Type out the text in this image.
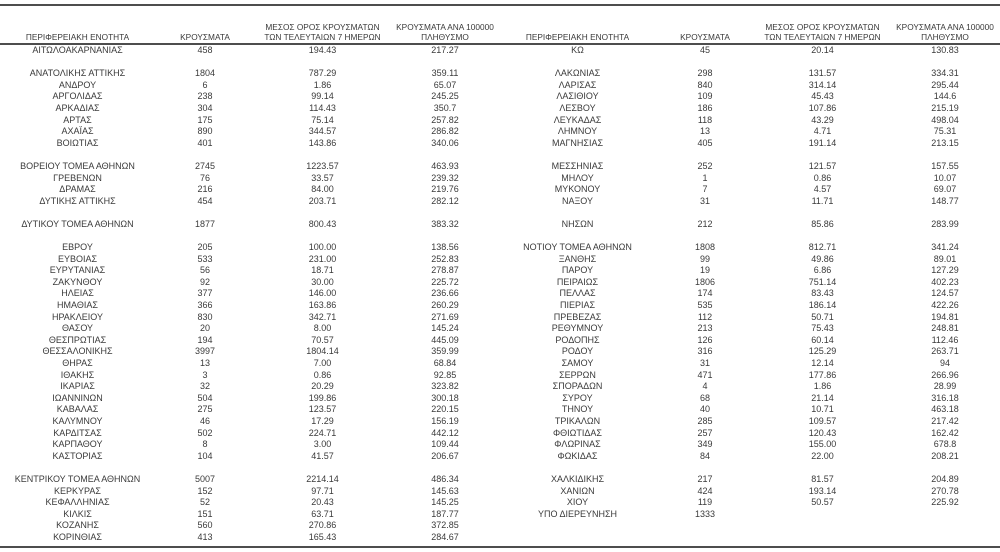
ΠΕΡΙΦΕΡΕΙΑΚΗ ΕΝΟΤΗΤΑ	ΚΡΟΥΣΜΑΤΑ
ΜΕΣΟΣ ΟΡΟΣ ΚΡΟΥΣΜΑΤΩΝ
ΤΩΝ ΤΕΛΕΥΤΑΙΩΝ 7 ΗΜΕΡΩΝ
ΚΡΟΥΣΜΑΤΑ ΑΝΑ 100000
ΠΛΗΘΥΣΜΟ
ΑΙΤΩΛΟΑΚΑΡΝΑΝΙΑΣ	458	194.43	217.27
ΑΝΑΤΟΛΙΚΗΣ ΑΤΤΙΚΗΣ	1804	787.29	359.11
ΑΝΔΡΟΥ	6	1.86	65.07
ΑΡΓΟΛΙΔΑΣ	238	99.14	245.25
ΑΡΚΑΔΙΑΣ	304	114.43	350.7
ΑΡΤΑΣ	175	75.14	257.82
ΑΧΑΪΑΣ	890	344.57	286.82
ΒΟΙΩΤΙΑΣ	401	143.86	340.06
ΒΟΡΕΙΟΥ ΤΟΜΕΑ ΑΘΗΝΩΝ	2745	1223.57	463.93
ΓΡΕΒΕΝΩΝ	76	33.57	239.32
ΔΡΑΜΑΣ	216	84.00	219.76
ΔΥΤΙΚΗΣ ΑΤΤΙΚΗΣ	454	203.71	282.12
ΔΥΤΙΚΟΥ ΤΟΜΕΑ ΑΘΗΝΩΝ	1877	800.43	383.32
ΕΒΡΟΥ	205	100.00	138.56
ΕΥΒΟΙΑΣ	533	231.00	252.83
ΕΥΡΥΤΑΝΙΑΣ	56	18.71	278.87
ΖΑΚΥΝΘΟΥ	92	30.00	225.72
ΗΛΕΙΑΣ	377	146.00	236.66
ΗΜΑΘΙΑΣ	366	163.86	260.29
ΗΡΑΚΛΕΙΟΥ	830	342.71	271.69
ΘΑΣΟΥ	20	8.00	145.24
ΘΕΣΠΡΩΤΙΑΣ	194	70.57	445.09
ΘΕΣΣΑΛΟΝΙΚΗΣ	3997	1804.14	359.99
ΘΗΡΑΣ	13	7.00	68.84
ΙΘΑΚΗΣ	3	0.86	92.85
ΙΚΑΡΙΑΣ	32	20.29	323.82
ΙΩΑΝΝΙΝΩΝ	504	199.86	300.18
ΚΑΒΑΛΑΣ	275	123.57	220.15
ΚΑΛΥΜΝΟΥ	46	17.29	156.19
ΚΑΡΔΙΤΣΑΣ	502	224.71	442.12
ΚΑΡΠΑΘΟΥ	8	3.00	109.44
ΚΑΣΤΟΡΙΑΣ	104	41.57	206.67
ΚΕΝΤΡΙΚΟΥ ΤΟΜΕΑ ΑΘΗΝΩΝ	5007	2214.14	486.34
ΚΕΡΚΥΡΑΣ	152	97.71	145.63
ΚΕΦΑΛΛΗΝΙΑΣ	52	20.43	145.25
ΚΙΛΚΙΣ	151	63.71	187.77
ΚΟΖΑΝΗΣ	560	270.86	372.85
ΚΟΡΙΝΘΙΑΣ	413	165.43	284.67
ΠΕΡΙΦΕΡΕΙΑΚΗ ΕΝΟΤΗΤΑ	ΚΡΟΥΣΜΑΤΑ
ΜΕΣΟΣ ΟΡΟΣ ΚΡΟΥΣΜΑΤΩΝ
ΤΩΝ ΤΕΛΕΥΤΑΙΩΝ 7 ΗΜΕΡΩΝ
ΚΡΟΥΣΜΑΤΑ ΑΝΑ 100000
ΠΛΗΘΥΣΜΟ
ΚΩ	45	20.14	130.83
ΛΑΚΩΝΙΑΣ	298	131.57	334.31
ΛΑΡΙΣΑΣ	840	314.14	295.44
ΛΑΣΙΘΙΟΥ	109	45.43	144.6
ΛΕΣΒΟΥ	186	107.86	215.19
ΛΕΥΚΑΔΑΣ	118	43.29	498.04
ΛΗΜΝΟΥ	13	4.71	75.31
ΜΑΓΝΗΣΙΑΣ	405	191.14	213.15
ΜΕΣΣΗΝΙΑΣ	252	121.57	157.55
ΜΗΛΟΥ	1	0.86	10.07
ΜΥΚΟΝΟΥ	7	4.57	69.07
ΝΑΞΟΥ	31	11.71	148.77
ΝΗΣΩΝ	212	85.86	283.99
ΝΟΤΙΟΥ ΤΟΜΕΑ ΑΘΗΝΩΝ	1808	812.71	341.24
ΞΑΝΘΗΣ	99	49.86	89.01
ΠΑΡΟΥ	19	6.86	127.29
ΠΕΙΡΑΙΩΣ	1806	751.14	402.23
ΠΕΛΛΑΣ	174	83.43	124.57
ΠΙΕΡΙΑΣ	535	186.14	422.26
ΠΡΕΒΕΖΑΣ	112	50.71	194.81
ΡΕΘΥΜΝΟΥ	213	75.43	248.81
ΡΟΔΟΠΗΣ	126	60.14	112.46
ΡΟΔΟΥ	316	125.29	263.71
ΣΑΜΟΥ	31	12.14	94
ΣΕΡΡΩΝ	471	177.86	266.96
ΣΠΟΡΑΔΩΝ	4	1.86	28.99
ΣΥΡΟΥ	68	21.14	316.18
ΤΗΝΟΥ	40	10.71	463.18
ΤΡΙΚΑΛΩΝ	285	109.57	217.42
ΦΘΙΩΤΙΔΑΣ	257	120.43	162.42
ΦΛΩΡΙΝΑΣ	349	155.00	678.8
ΦΩΚΙΔΑΣ	84	22.00	208.21
ΧΑΛΚΙΔΙΚΗΣ	217	81.57	204.89
ΧΑΝΙΩΝ	424	193.14	270.78
ΧΙΟΥ	119	50.57	225.92
ΥΠΟ ΔΙΕΡΕΥΝΗΣΗ	1333
